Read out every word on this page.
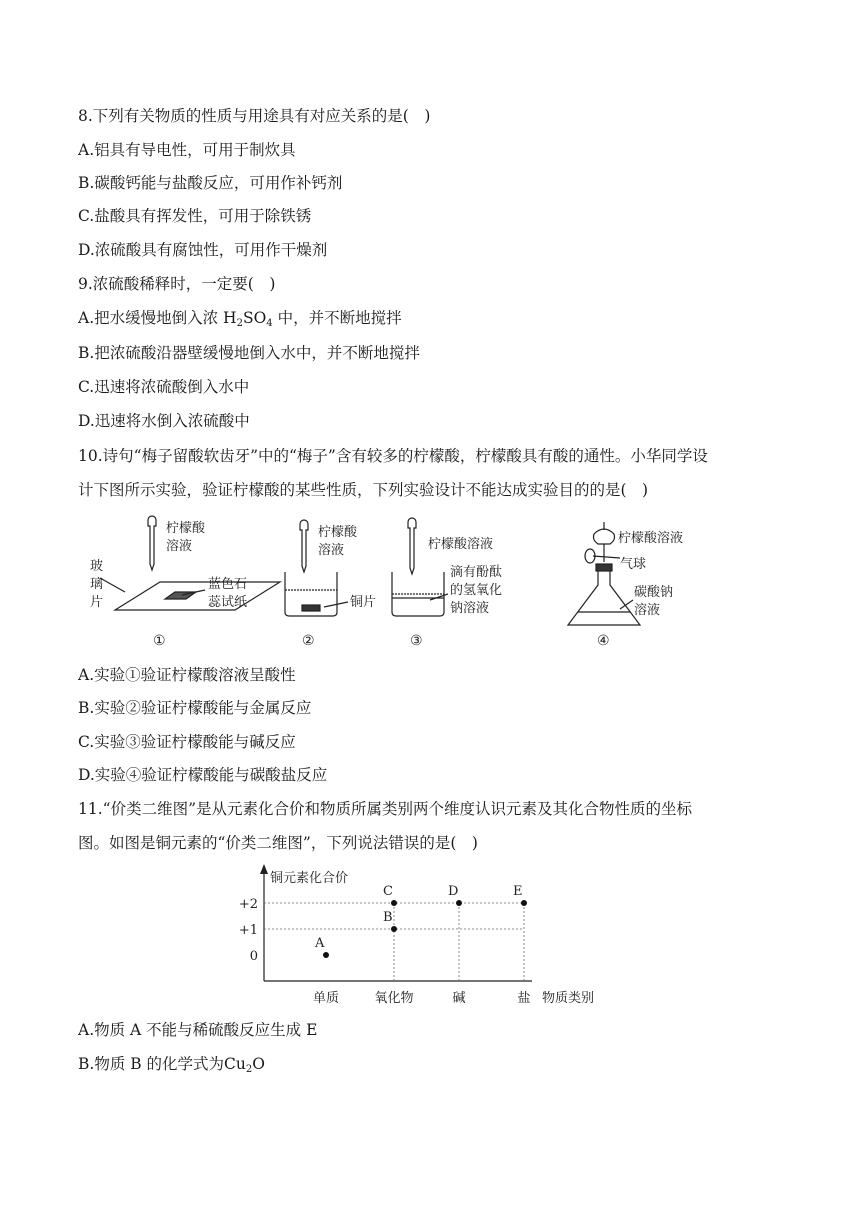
8.下列有关物质的性质与用途具有对应关系的是(　)
A.铝具有导电性，可用于制炊具
B.碳酸钙能与盐酸反应，可用作补钙剂
C.盐酸具有挥发性，可用于除铁锈
D.浓硫酸具有腐蚀性，可用作干燥剂
9.浓硫酸稀释时，一定要(　)
A.把水缓慢地倒入浓 $H_2SO_4$ 中，并不断地搅拌
B.把浓硫酸沿器壁缓慢地倒入水中，并不断地搅拌
C.迅速将浓硫酸倒入水中
D.迅速将水倒入浓硫酸中
10.诗句“梅子留酸软齿牙”中的“梅子”含有较多的柠檬酸，柠檬酸具有酸的通性。小华同学设
计下图所示实验，验证柠檬酸的某些性质，下列实验设计不能达成实验目的的是(　)
柠檬酸
溶液
玻
璃
片
蓝色石
蕊试纸
①
柠檬酸
溶液
铜片
②
柠檬酸溶液
滴有酚酞
的氢氧化
钠溶液
③
柠檬酸溶液
气球
碳酸钠
溶液
④
A.实验①验证柠檬酸溶液呈酸性
B.实验②验证柠檬酸能与金属反应
C.实验③验证柠檬酸能与碱反应
D.实验④验证柠檬酸能与碳酸盐反应
11.“价类二维图”是从元素化合价和物质所属类别两个维度认识元素及其化合物性质的坐标
图。如图是铜元素的“价类二维图”，下列说法错误的是(　)
铜元素化合价
物质类别
+2
+1
0
单质	氧化物	碱	盐
A
B
C	D	E
A.物质 A 不能与稀硫酸反应生成 E
B.物质 B 的化学式为$Cu_2O$
